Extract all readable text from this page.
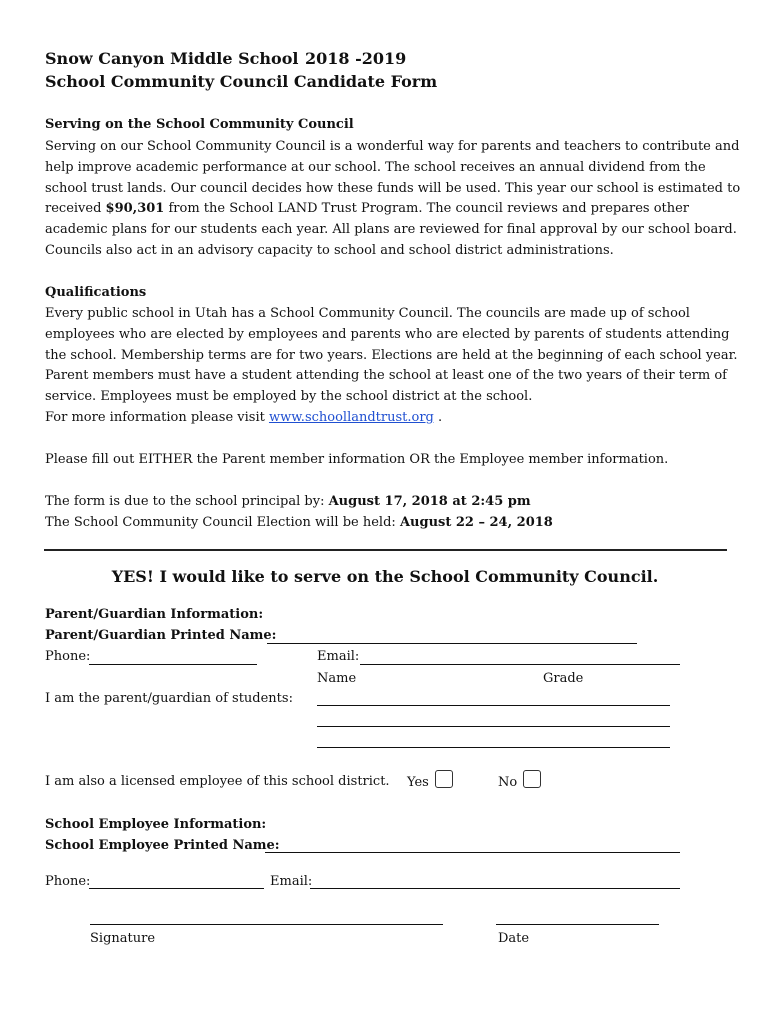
Snow Canyon Middle School 2018 -2019
School Community Council Candidate Form
Serving on the School Community Council
Serving on our School Community Council is a wonderful way for parents and teachers to contribute and
help improve academic performance at our school. The school receives an annual dividend from the
school trust lands. Our council decides how these funds will be used. This year our school is estimated to
received $90,301 from the School LAND Trust Program. The council reviews and prepares other
academic plans for our students each year. All plans are reviewed for final approval by our school board.
Councils also act in an advisory capacity to school and school district administrations.
Qualifications
Every public school in Utah has a School Community Council. The councils are made up of school
employees who are elected by employees and parents who are elected by parents of students attending
the school. Membership terms are for two years. Elections are held at the beginning of each school year.
Parent members must have a student attending the school at least one of the two years of their term of
service. Employees must be employed by the school district at the school.
For more information please visit www.schoollandtrust.org .
Please fill out EITHER the Parent member information OR the Employee member information.
The form is due to the school principal by: August 17, 2018 at 2:45 pm
The School Community Council Election will be held: August 22 – 24, 2018
YES! I would like to serve on the School Community Council.
Parent/Guardian Information:
Parent/Guardian Printed Name:
Phone:	Email:
Name	Grade
I am the parent/guardian of students:
I am also a licensed employee of this school district. Yes	No
School Employee Information:
School Employee Printed Name:
Phone:	Email:
Signature	Date
